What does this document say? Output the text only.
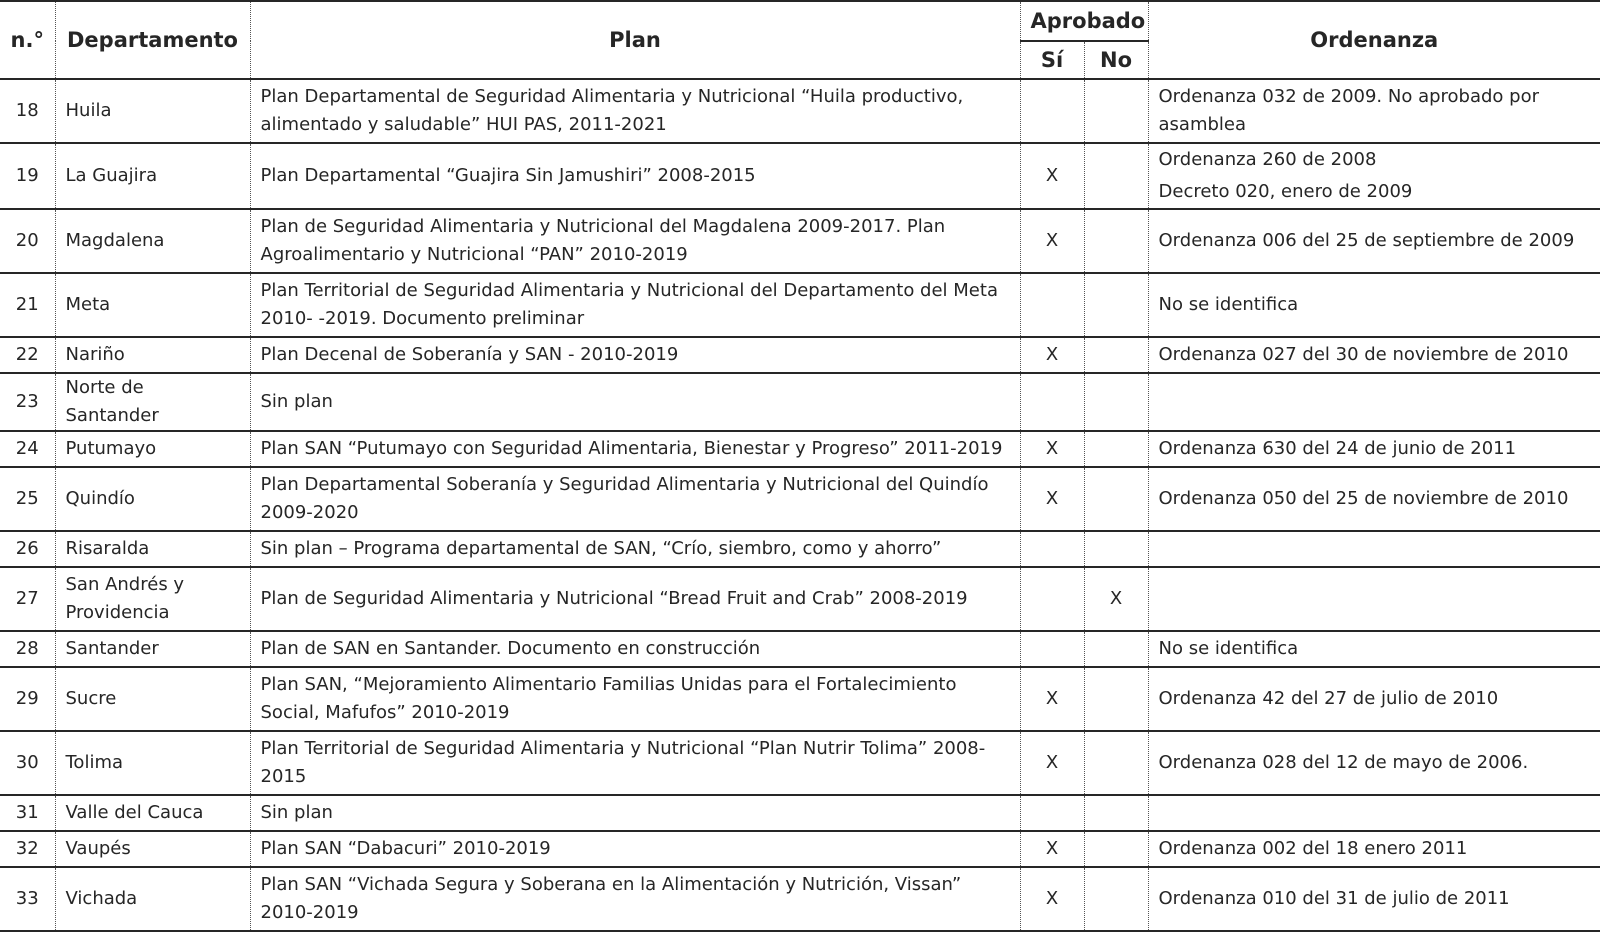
n.°	Departamento	Plan	Aprobado		Ordenanza
			Sí	No	
18	Huila	Plan Departamental de Seguridad Alimentaria y Nutricional “Huila productivo, alimentado y saludable” HUI PAS, 2011-2021			Ordenanza 032 de 2009. No aprobado por asamblea
19	La Guajira	Plan Departamental “Guajira Sin Jamushiri” 2008-2015	X		Ordenanza 260 de 2008
Decreto 020, enero de 2009

20	Magdalena	Plan de Seguridad Alimentaria y Nutricional del Magdalena 2009-2017. Plan Agroalimentario y Nutricional “PAN” 2010-2019	X		Ordenanza 006 del 25 de septiembre de 2009
21	Meta	Plan Territorial de Seguridad Alimentaria y Nutricional del Departamento del Meta 2010- -2019. Documento preliminar			No se identifica
22	Nariño	Plan Decenal de Soberanía y SAN - 2010-2019	X		Ordenanza 027 del 30 de noviembre de 2010
23	Norte de Santander	Sin plan			
24	Putumayo	Plan SAN “Putumayo con Seguridad Alimentaria, Bienestar y Progreso” 2011-2019	X		Ordenanza 630 del 24 de junio de 2011
25	Quindío	Plan Departamental Soberanía y Seguridad Alimentaria y Nutricional del Quindío 2009-2020	X		Ordenanza 050 del 25 de noviembre de 2010
26	Risaralda	Sin plan – Programa departamental de SAN, “Crío, siembro, como y ahorro”			
27	San Andrés y Providencia	Plan de Seguridad Alimentaria y Nutricional “Bread Fruit and Crab” 2008-2019		X	
28	Santander	Plan de SAN en Santander. Documento en construcción			No se identifica
29	Sucre	Plan SAN, “Mejoramiento Alimentario Familias Unidas para el Fortalecimiento Social, Mafufos” 2010-2019	X		Ordenanza 42 del 27 de julio de 2010
30	Tolima	Plan Territorial de Seguridad Alimentaria y Nutricional “Plan Nutrir Tolima” 2008-2015	X		Ordenanza 028 del 12 de mayo de 2006.
31	Valle del Cauca	Sin plan			
32	Vaupés	Plan SAN “Dabacuri” 2010-2019	X		Ordenanza 002 del 18 enero 2011
33	Vichada	Plan SAN “Vichada Segura y Soberana en la Alimentación y Nutrición, Vissan” 2010-2019	X		Ordenanza 010 del 31 de julio de 2011
